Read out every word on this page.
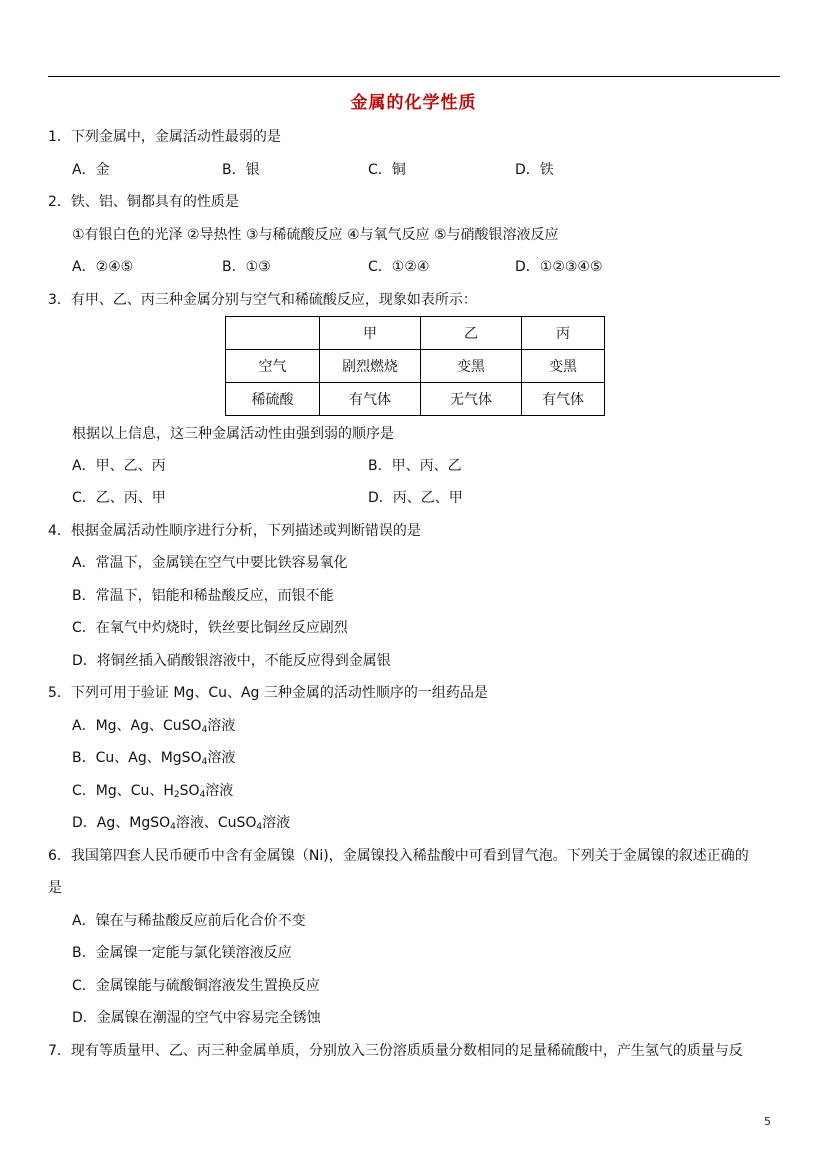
金属的化学性质
1．下列金属中，金属活动性最弱的是
A．金	B．银	C．铜	D．铁
2．铁、铝、铜都具有的性质是
①有银白色的光泽 ②导热性 ③与稀硫酸反应 ④与氧气反应 ⑤与硝酸银溶液反应
A．②④⑤	B．①③	C．①②④	D．①②③④⑤
3．有甲、乙、丙三种金属分别与空气和稀硫酸反应，现象如表所示：
	甲	乙	丙
空气	剧烈燃烧	变黑	变黑
稀硫酸	有气体	无气体	有气体
根据以上信息，这三种金属活动性由强到弱的顺序是
A．甲、乙、丙	B．甲、丙、乙
C．乙、丙、甲	D．丙、乙、甲
4．根据金属活动性顺序进行分析，下列描述或判断错误的是
A．常温下，金属镁在空气中要比铁容易氧化
B．常温下，铝能和稀盐酸反应，而银不能
C．在氧气中灼烧时，铁丝要比铜丝反应剧烈
D．将铜丝插入硝酸银溶液中，不能反应得到金属银
5．下列可用于验证 Mg、Cu、Ag 三种金属的活动性顺序的一组药品是
A．Mg、Ag、CuSO$_4$溶液
B．Cu、Ag、MgSO$_4$溶液
C．Mg、Cu、$H_2SO_4$溶液
D．Ag、MgSO$_4$溶液、CuSO$_4$溶液
6．我国第四套人民币硬币中含有金属镍（Ni)，金属镍投入稀盐酸中可看到冒气泡。下列关于金属镍的叙述正确的
是
A．镍在与稀盐酸反应前后化合价不变
B．金属镍一定能与氯化镁溶液反应
C．金属镍能与硫酸铜溶液发生置换反应
D．金属镍在潮湿的空气中容易完全锈蚀
7．现有等质量甲、乙、丙三种金属单质，分别放入三份溶质质量分数相同的足量稀硫酸中，产生氢气的质量与反
5
